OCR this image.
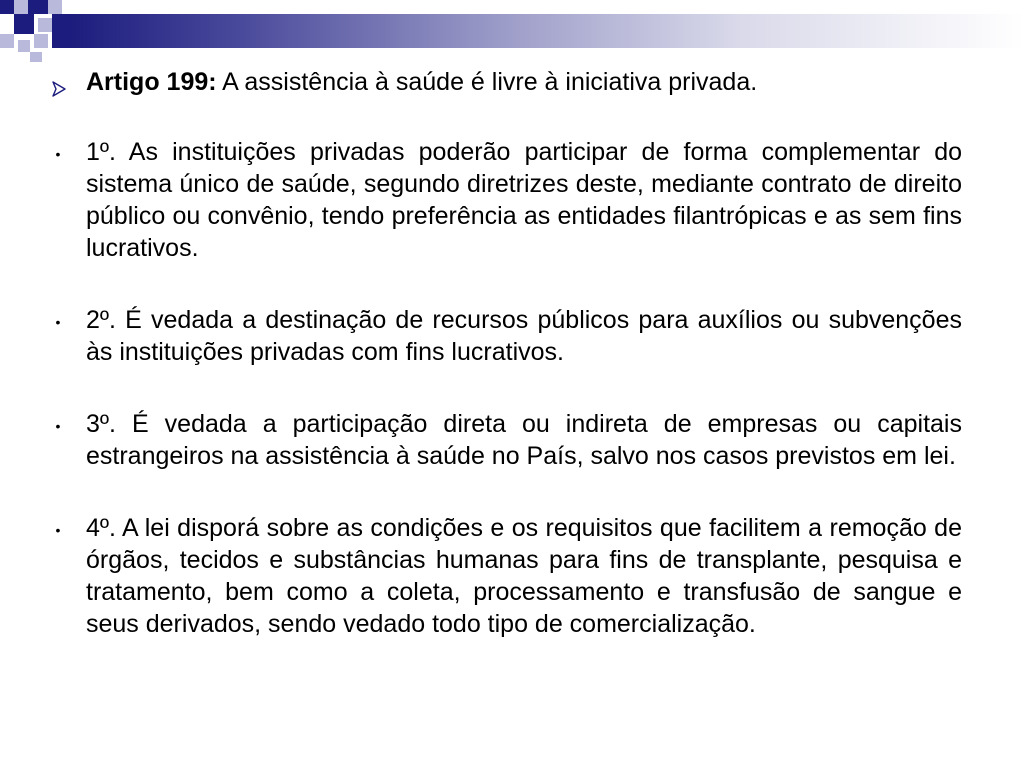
Artigo 199: A assistência à saúde é livre à iniciativa privada.
•	1º. As instituições privadas poderão participar de forma complementar do sistema único de saúde, segundo diretrizes deste, mediante contrato de direito público ou convênio, tendo preferência as entidades filantrópicas e as sem fins lucrativos.
•	2º. É vedada a destinação de recursos públicos para auxílios ou subvenções às instituições privadas com fins lucrativos.
•	3º. É vedada a participação direta ou indireta de empresas ou capitais estrangeiros na assistência à saúde no País, salvo nos casos previstos em lei.
•	4º. A lei disporá sobre as condições e os requisitos que facilitem a remoção de órgãos, tecidos e substâncias humanas para fins de transplante, pesquisa e tratamento, bem como a coleta, processamento e transfusão de sangue e seus derivados, sendo vedado todo tipo de comercialização.
